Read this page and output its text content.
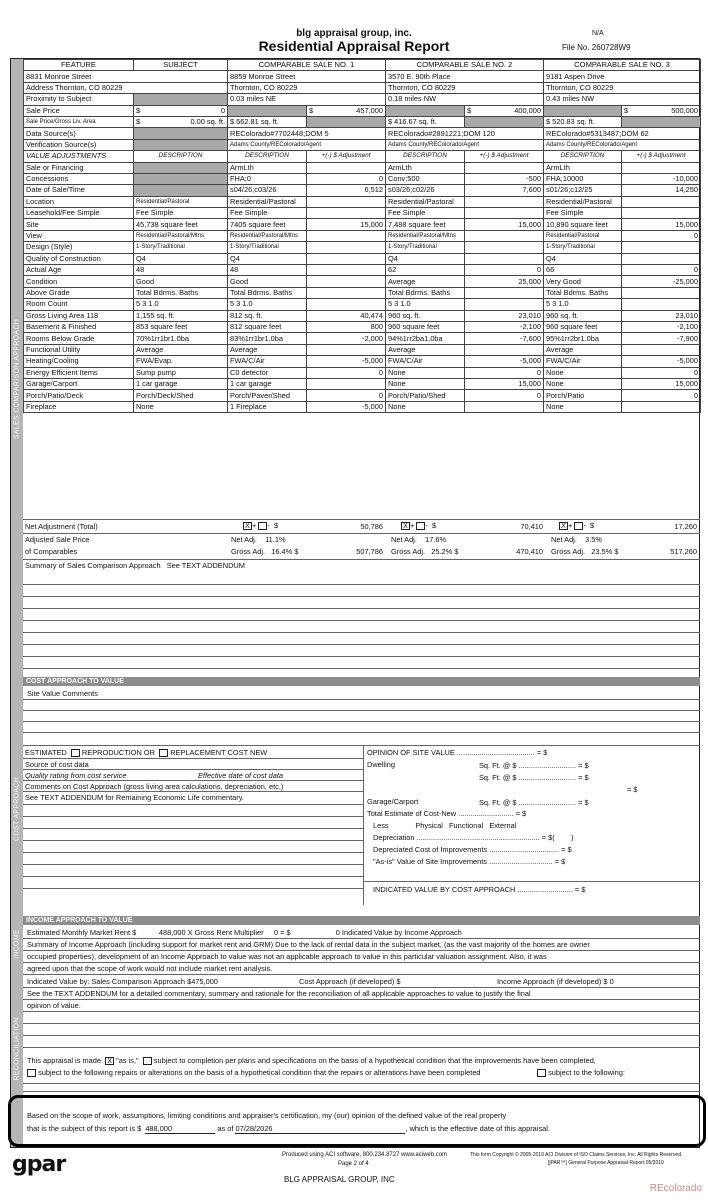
blg appraisal group, inc.
Residential Appraisal Report
N/A
File No. 260728W9
SALES COMPARISON APPROACH
COST APPROACH
INCOME
RECONCILIATION
FEATURE	SUBJECT	COMPARABLE SALE NO. 1		COMPARABLE SALE NO. 2		COMPARABLE SALE NO. 3	
8831 Monroe Street		8859 Monroe Street		3570 E. 90th Place		9181 Aspen Drive	
Address Thornton, CO 80229		Thornton, CO 80229		Thornton, CO 80229		Thornton, CO 80229	
Proximity to Subject		0.03 miles NE		0.18 miles NW		0.43 miles NW	
Sale Price	$ 0		$ 457,000		$ 400,000		$ 500,000
Sale Price/Gross Liv. Area	$ 0.00 sq. ft.	$ 562.81 sq. ft.		$ 416.67 sq. ft.		$ 520.83 sq. ft.	
Data Source(s)		REColorado#7702448;DOM 5		REColorado#2891221;DOM 120		REColorado#5313487;DOM 62	
Verification Source(s)		Adams County/REColorado/Agent		Adams County/REColorado/Agent		Adams County/REColorado/Agent	
VALUE ADJUSTMENTS	DESCRIPTION	DESCRIPTION	+(-) $ Adjustment	DESCRIPTION	+(-) $ Adjustment	DESCRIPTION	+(-) $ Adjustment
Sale or Financing		ArmLth		ArmLth		ArmLth	
Concessions		FHA;0	0	Conv;500	-500	FHA;10000	-10,000
Date of Sale/Time		s04/26;c03/26	6,512	s03/26;c02/26	7,600	s01/26;c12/25	14,250
Location	Residential/Pastoral	Residential/Pastoral		Residential/Pastoral		Residential/Pastoral	
Leasehold/Fee Simple	Fee Simple	Fee Simple		Fee Simple		Fee Simple	
Site	45,738 square feet	7405 square feet	15,000	7,488 square feet	15,000	10,890 square feet	15,000
View	Residential/Pastoral/Mtns	Residential/Pastoral/Mtns		Residential/Pastoral/Mtns		Residential/Pastoral	0
Design (Style)	1-Story/Traditional	1-Story/Traditional		1-Story/Traditional		1-Story/Traditional	
Quality of Construction	Q4	Q4		Q4		Q4	
Actual Age	48	48		62	0	66	0
Condition	Good	Good		Average	25,000	Very Good	-25,000
Above Grade	Total Bdrms. Baths	Total Bdrms. Baths		Total Bdrms. Baths		Total Bdrms. Baths	
Room Count	5 3 1.0	5 3 1.0		5 3 1.0		5 3 1.0	
Gross Living Area 118	1,155 sq. ft.	812 sq. ft.	40,474	960 sq. ft.	23,010	960 sq. ft.	23,010
Basement & Finished	853 square feet	812 square feet	800	960 square feet	-2,100	960 square feet	-2,100
Rooms Below Grade	70%1rr1br1.0ba	83%1rr1br1.0ba	-2,000	94%1rr2ba1.0ba	-7,600	95%1rr2br1.0ba	-7,900
Functional Utility	Average	Average		Average		Average	
Heating/Cooling	FWA/Evap.	FWA/C/Air	-5,000	FWA/C/Air	-5,000	FWA/C/Air	-5,000
Energy Efficient Items	Sump pump	C0 detector	0	None	0	None	0
Garage/Carport	1 car garage	1 car garage		None	15,000	None	15,000
Porch/Patio/Deck	Porch/Deck/Shed	Porch/Paver/Shed	0	Porch/Patio/Shed	0	Porch/Patio	0
Fireplace	None	1 Fireplace	-5,000	None		None	
Net Adjustment (Total)	X + -  $	50,786	X + -  $	70,410	X + -  $	17,260
Adjusted Sale Price
of Comparables
Net Adj. 11.1%
Gross Adj. 16.4% $	507,786
Net Adj. 17.6%
Gross Adj. 25.2% $	470,410
Net Adj. 3.5%
Gross Adj. 23.5% $	517,260
Summary of Sales Comparison Approach See TEXT ADDENDUM
COST APPROACH TO VALUE
Site Value Comments
ESTIMATED REPRODUCTION OR REPLACEMENT COST NEW
Source of cost data
Quality rating from cost service	Effective date of cost data
Comments on Cost Approach (gross living area calculations, depreciation, etc.)
See TEXT ADDENDUM for Remaining Economic Life commentary.
OPINION OF SITE VALUE ...................................... = $
Dwelling	Sq. Ft. @ $ ............................ = $
Sq. Ft. @ $ ............................ = $
= $
Garage/Carport	Sq. Ft. @ $ ............................ = $
Total Estimate of Cost-New ........................... = $
Less	Physical Functional External
Depreciation ............................................................ = $(        )
Depreciated Cost of Improvements .................................. = $
"As-is" Value of Site Improvements ............................... = $
INDICATED VALUE BY COST APPROACH ........................... = $
INCOME APPROACH TO VALUE
Estimated Monthly Market Rent $	488,000 X Gross Rent Multiplier 0 = $	0 Indicated Value by Income Approach
Summary of Income Approach (including support for market rent and GRM) Due to the lack of rental data in the subject market, (as the vast majority of the homes are owner
occupied properties), development of an Income Approach to value was not an applicable approach to value in this particular valuation assignment. Also, it was
agreed upon that the scope of work would not include market rent analysis.
Indicated Value by: Sales Comparison Approach $475,000	Cost Approach (if developed) $	Income Approach (if developed) $ 0
See the TEXT ADDENDUM for a detailed commentary, summary and rationale for the reconciliation of all applicable approaches to value to justify the final
opinion of value.
This appraisal is made X "as is," subject to completion per plans and specifications on the basis of a hypothetical condition that the improvements have been completed,
subject to the following repairs or alterations on the basis of a hypothetical condition that the repairs or alterations have been completed	subject to the following:
Based on the scope of work, assumptions, limiting conditions and appraiser's certification, my (our) opinion of the defined value of the real property
that is the subject of this report is $ 488,000	as of 07/28/2026	, which is the effective date of this appraisal.
gpar	Produced using ACI software, 800.234.8727 www.aciweb.com
Page 2 of 4
This form Copyright © 2005-2010 ACI Division of ISO Claims Services, Inc. All Rights Reserved.
[jPAR™] General Purpose Appraisal Report 05/2010
BLG APPRAISAL GROUP, INC
REcolorado
